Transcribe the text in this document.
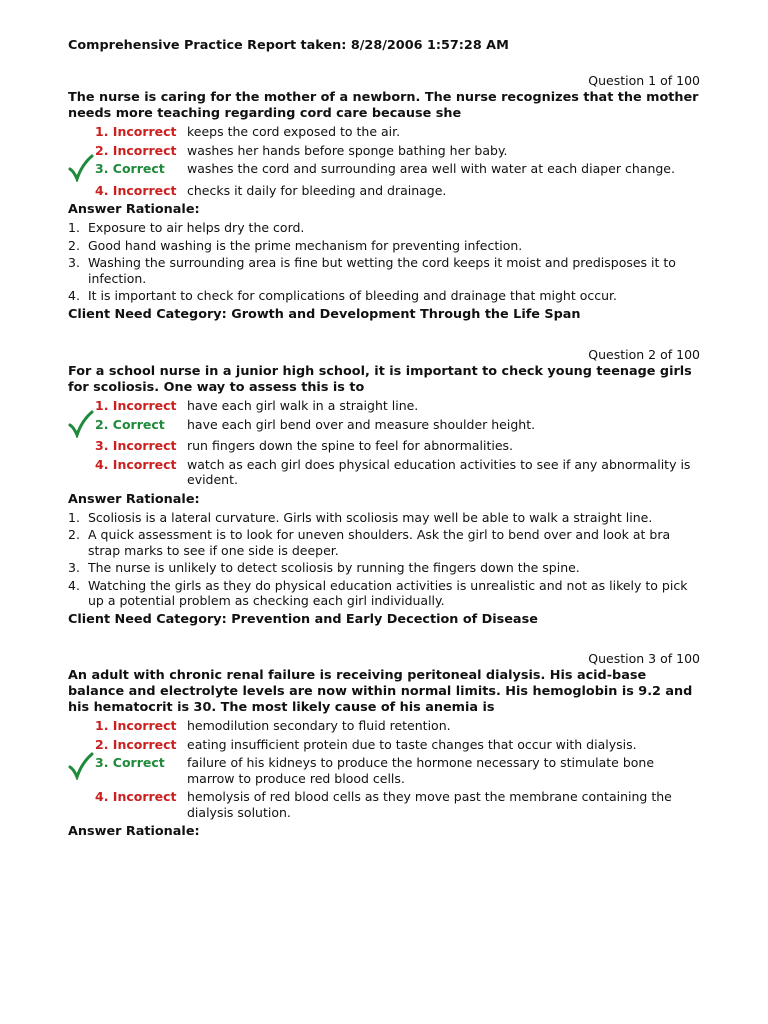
Comprehensive Practice Report taken: 8/28/2006 1:57:28 AM
Question 1 of 100
The nurse is caring for the mother of a newborn. The nurse recognizes that the mother needs more teaching regarding cord care because she
1. Incorrect keeps the cord exposed to the air.
2. Incorrect washes her hands before sponge bathing her baby.
3. Correct	washes the cord and surrounding area well with water at each diaper change.
4. Incorrect checks it daily for bleeding and drainage.
Answer Rationale:
1. Exposure to air helps dry the cord.
2. Good hand washing is the prime mechanism for preventing infection.
3. Washing the surrounding area is fine but wetting the cord keeps it moist and predisposes it to infection.
4. It is important to check for complications of bleeding and drainage that might occur.
Client Need Category: Growth and Development Through the Life Span
Question 2 of 100
For a school nurse in a junior high school, it is important to check young teenage girls for scoliosis. One way to assess this is to
1. Incorrect have each girl walk in a straight line.
2. Correct	have each girl bend over and measure shoulder height.
3. Incorrect run fingers down the spine to feel for abnormalities.
4. Incorrect watch as each girl does physical education activities to see if any abnormality is evident.
Answer Rationale:
1. Scoliosis is a lateral curvature. Girls with scoliosis may well be able to walk a straight line.
2. A quick assessment is to look for uneven shoulders. Ask the girl to bend over and look at bra strap marks to see if one side is deeper.
3. The nurse is unlikely to detect scoliosis by running the fingers down the spine.
4. Watching the girls as they do physical education activities is unrealistic and not as likely to pick up a potential problem as checking each girl individually.
Client Need Category: Prevention and Early Decection of Disease
Question 3 of 100
An adult with chronic renal failure is receiving peritoneal dialysis. His acid-base balance and electrolyte levels are now within normal limits. His hemoglobin is 9.2 and his hematocrit is 30. The most likely cause of his anemia is
1. Incorrect hemodilution secondary to fluid retention.
2. Incorrect eating insufficient protein due to taste changes that occur with dialysis.
3. Correct	failure of his kidneys to produce the hormone necessary to stimulate bone marrow to produce red blood cells.
4. Incorrect hemolysis of red blood cells as they move past the membrane containing the dialysis solution.
Answer Rationale:
